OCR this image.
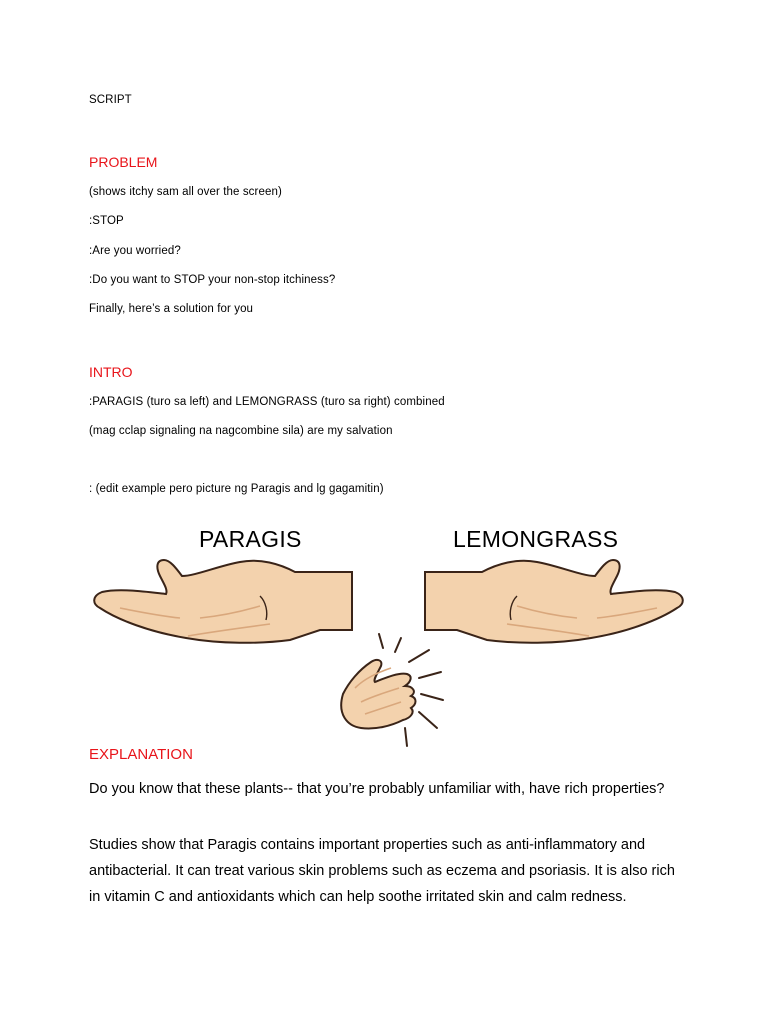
SCRIPT
PROBLEM
(shows itchy sam all over the screen)
:STOP
:Are you worried?
:Do you want to STOP your non-stop itchiness?
Finally, here’s a solution for you
INTRO
:PARAGIS (turo sa left) and LEMONGRASS (turo sa right) combined
(mag cclap signaling na nagcombine sila) are my salvation
: (edit example pero picture ng Paragis and lg gagamitin)
PARAGIS	LEMONGRASS
EXPLANATION
Do you know that these plants-- that you’re probably unfamiliar with, have rich properties?
Studies show that Paragis contains important properties such as anti-inflammatory and antibacterial. It can treat various skin problems such as eczema and psoriasis. It is also rich in vitamin C and antioxidants which can help soothe irritated skin and calm redness.
